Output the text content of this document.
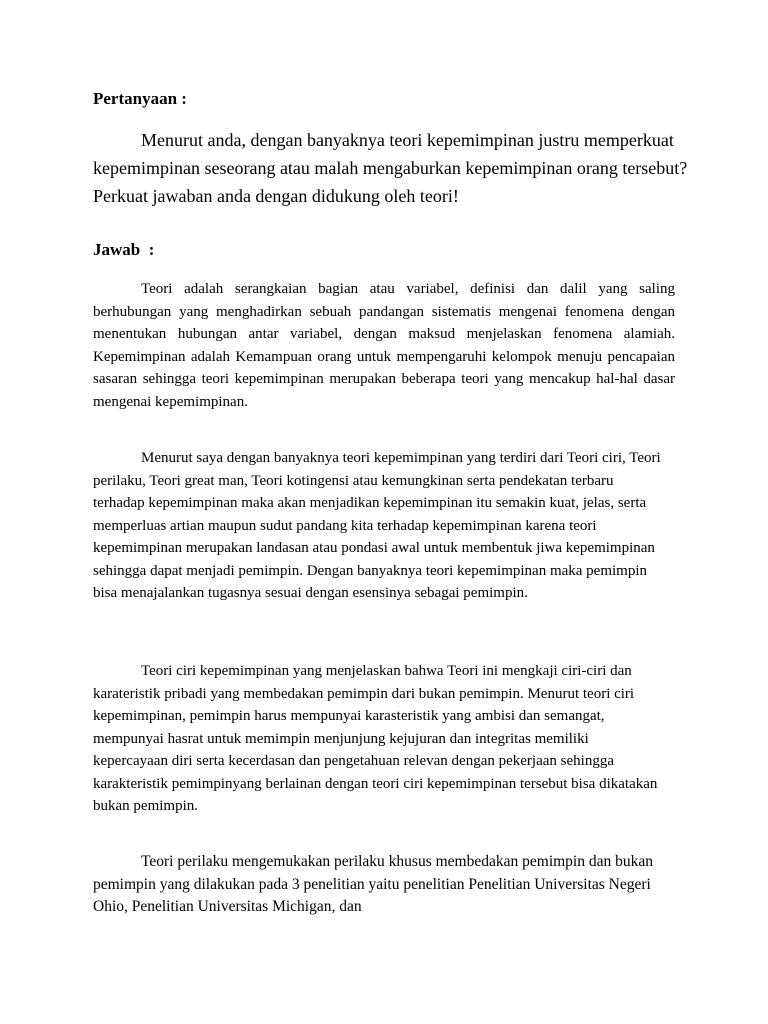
Pertanyaan :
Menurut anda, dengan banyaknya teori kepemimpinan justru memperkuat kepemimpinan seseorang atau malah mengaburkan kepemimpinan orang tersebut? Perkuat jawaban anda dengan didukung oleh teori!
Jawab  :

Teori adalah serangkaian bagian atau variabel, definisi dan dalil yang saling berhubungan yang menghadirkan sebuah pandangan sistematis mengenai fenomena dengan menentukan hubungan antar variabel, dengan maksud menjelaskan fenomena alamiah. Kepemimpinan adalah Kemampuan orang untuk mempengaruhi kelompok menuju pencapaian sasaran sehingga teori kepemimpinan merupakan beberapa teori yang mencakup hal-hal dasar mengenai kepemimpinan.

Menurut saya dengan banyaknya teori kepemimpinan yang terdiri dari Teori ciri, Teori perilaku, Teori great man, Teori kotingensi atau kemungkinan serta pendekatan terbaru terhadap kepemimpinan maka akan menjadikan kepemimpinan itu semakin kuat, jelas, serta memperluas artian maupun sudut pandang kita terhadap kepemimpinan karena teori kepemimpinan merupakan landasan atau pondasi awal untuk membentuk jiwa kepemimpinan sehingga dapat menjadi pemimpin. Dengan banyaknya teori kepemimpinan maka pemimpin bisa menajalankan tugasnya sesuai dengan esensinya sebagai pemimpin.

Teori ciri kepemimpinan yang menjelaskan bahwa Teori ini mengkaji ciri-ciri dan karateristik pribadi yang membedakan pemimpin dari bukan pemimpin. Menurut teori ciri kepemimpinan, pemimpin harus mempunyai karasteristik yang ambisi dan semangat, mempunyai hasrat untuk memimpin menjunjung kejujuran dan integritas memiliki kepercayaan diri serta kecerdasan dan pengetahuan relevan dengan pekerjaan sehingga karakteristik pemimpinyang berlainan dengan teori ciri kepemimpinan tersebut bisa dikatakan bukan pemimpin.

Teori perilaku mengemukakan perilaku khusus membedakan pemimpin dan bukan pemimpin yang dilakukan pada 3 penelitian yaitu penelitian Penelitian Universitas Negeri Ohio, Penelitian Universitas Michigan, dan
